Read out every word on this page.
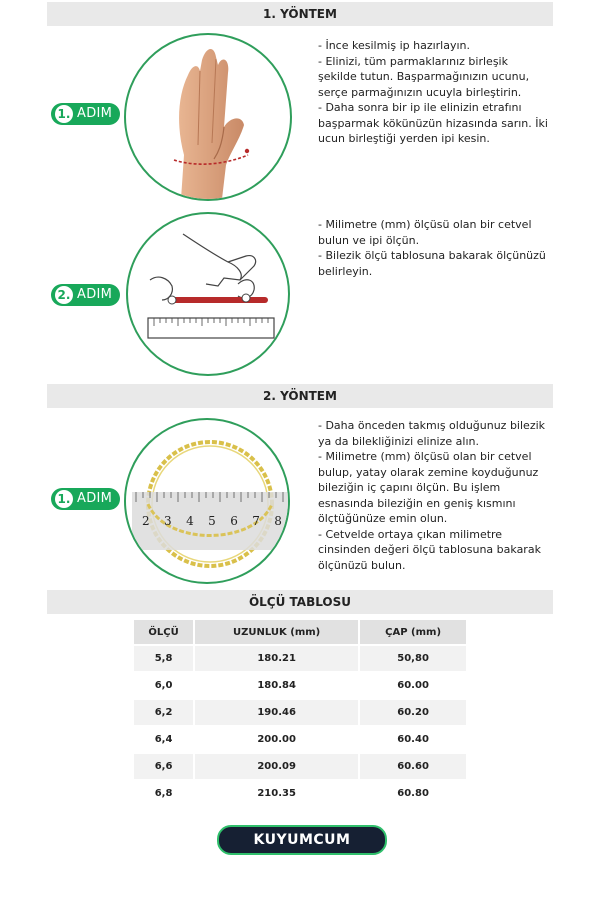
1. YÖNTEM
1. ADIM

- İnce kesilmiş ip hazırlayın.

- Elinizi, tüm parmaklarınız birleşik şekilde tutun. Başparmağınızın ucunu, serçe parmağınızın ucuyla birleştirin.

- Daha sonra bir ip ile elinizin etrafını başparmak kökünüzün hizasında sarın. İki ucun birleştiği yerden ipi kesin.

2. ADIM

- Milimetre (mm) ölçüsü olan bir cetvel bulun ve ipi ölçün.

- Bilezik ölçü tablosuna bakarak ölçünüzü belirleyin.

2. YÖNTEM
2 3 4 5 6 7 8
1. ADIM

- Daha önceden takmış olduğunuz bilezik ya da bilekliğinizi elinize alın.

- Milimetre (mm) ölçüsü olan bir cetvel bulup, yatay olarak zemine koyduğunuz bileziğin iç çapını ölçün. Bu işlem esnasında bileziğin en geniş kısmını ölçtüğünüze emin olun.

- Cetvelde ortaya çıkan milimetre cinsinden değeri ölçü tablosuna bakarak ölçünüzü bulun.

ÖLÇÜ TABLOSU
ÖLÇÜ	UZUNLUK (mm)	ÇAP (mm)
5,8	180.21	50,80
6,0	180.84	60.00
6,2	190.46	60.20
6,4	200.00	60.40
6,6	200.09	60.60
6,8	210.35	60.80
KUYUMCUM
